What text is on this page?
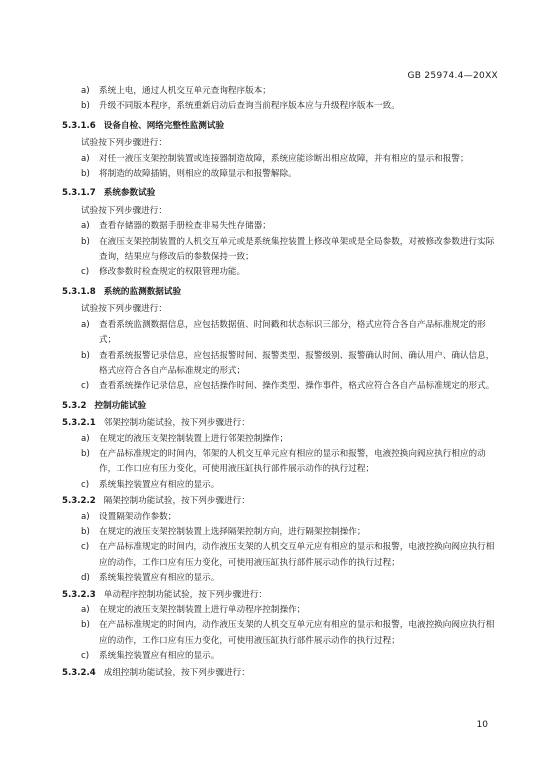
GB 25974.4—20XX
a)	系统上电，通过人机交互单元查询程序版本；
b)	升级不同版本程序，系统重新启动后查询当前程序版本应与升级程序版本一致。
5.3.1.6 设备自检、网络完整性监测试验
试验按下列步骤进行：
a)	对任一液压支架控制装置或连接器制造故障，系统应能诊断出相应故障，并有相应的显示和报警；
b)	将制造的故障插销，则相应的故障显示和报警解除。
5.3.1.7 系统参数试验
试验按下列步骤进行：
a)	查看存储器的数据手册检查非易失性存储器；
b)	在液压支架控制装置的人机交互单元或是系统集控装置上修改单架或是全局参数，对被修改参数进行实际查询，结果应与修改后的参数保持一致；
c)	修改参数时检查规定的权限管理功能。
5.3.1.8 系统的监测数据试验
试验按下列步骤进行：
a)	查看系统监测数据信息，应包括数据值、时间戳和状态标识三部分，格式应符合各自产品标准规定的形式；
b)	查看系统报警记录信息，应包括报警时间、报警类型、报警级别、报警确认时间、确认用户、确认信息，格式应符合各自产品标准规定的形式；
c)	查看系统操作记录信息，应包括操作时间、操作类型、操作事件，格式应符合各自产品标准规定的形式。
5.3.2 控制功能试验
5.3.2.1 邻架控制功能试验，按下列步骤进行：
a)	在规定的液压支架控制装置上进行邻架控制操作；
b)	在产品标准规定的时间内，邻架的人机交互单元应有相应的显示和报警，电液控换向阀应执行相应的动作，工作口应有压力变化，可使用液压缸执行部件展示动作的执行过程；
c)	系统集控装置应有相应的显示。
5.3.2.2 隔架控制功能试验，按下列步骤进行：
a)	设置隔架动作参数；
b)	在规定的液压支架控制装置上选择隔架控制方向，进行隔架控制操作；
c)	在产品标准规定的时间内，动作液压支架的人机交互单元应有相应的显示和报警，电液控换向阀应执行相应的动作，工作口应有压力变化，可使用液压缸执行部件展示动作的执行过程；
d)	系统集控装置应有相应的显示。
5.3.2.3 单动程序控制功能试验，按下列步骤进行：
a)	在规定的液压支架控制装置上进行单动程序控制操作；
b)	在产品标准规定的时间内，动作液压支架的人机交互单元应有相应的显示和报警，电液控换向阀应执行相应的动作，工作口应有压力变化，可使用液压缸执行部件展示动作的执行过程；
c)	系统集控装置应有相应的显示。
5.3.2.4 成组控制功能试验，按下列步骤进行：
10
